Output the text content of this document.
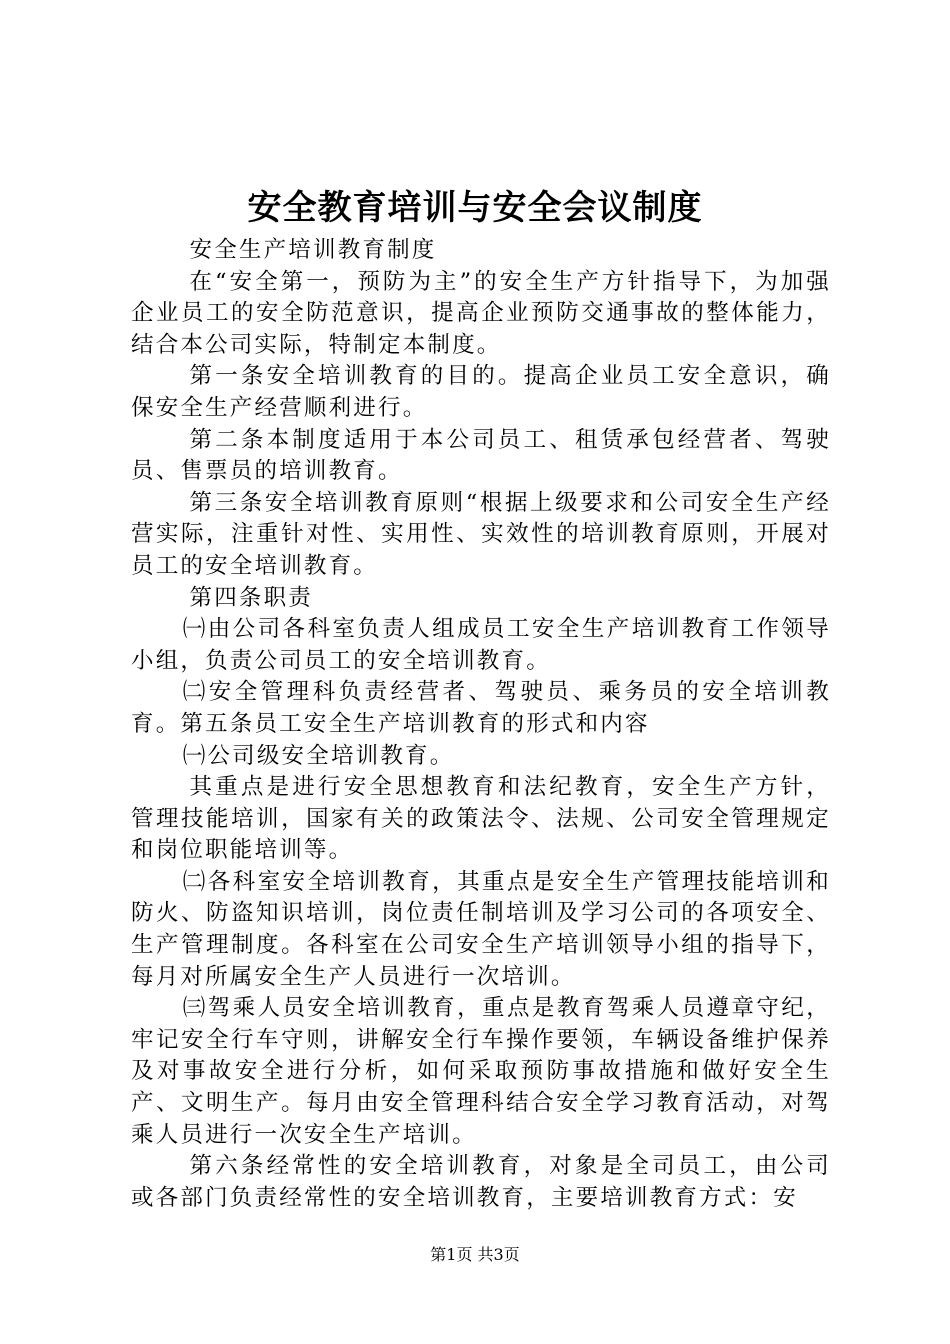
安全教育培训与安全会议制度

安全生产培训教育制度

在“安全第一，预防为主”的安全生产方针指导下，为加强企业员工的安全防范意识，提高企业预防交通事故的整体能力，结合本公司实际，特制定本制度。

第一条安全培训教育的目的。提高企业员工安全意识，确保安全生产经营顺利进行。

第二条本制度适用于本公司员工、租赁承包经营者、驾驶员、售票员的培训教育。

第三条安全培训教育原则“根据上级要求和公司安全生产经营实际，注重针对性、实用性、实效性的培训教育原则，开展对员工的安全培训教育。

第四条职责

㈠由公司各科室负责人组成员工安全生产培训教育工作领导小组，负责公司员工的安全培训教育。

㈡安全管理科负责经营者、驾驶员、乘务员的安全培训教育。第五条员工安全生产培训教育的形式和内容

㈠公司级安全培训教育。

其重点是进行安全思想教育和法纪教育，安全生产方针，管理技能培训，国家有关的政策法令、法规、公司安全管理规定和岗位职能培训等。

㈡各科室安全培训教育，其重点是安全生产管理技能培训和防火、防盗知识培训，岗位责任制培训及学习公司的各项安全、生产管理制度。各科室在公司安全生产培训领导小组的指导下，每月对所属安全生产人员进行一次培训。

㈢驾乘人员安全培训教育，重点是教育驾乘人员遵章守纪，牢记安全行车守则，讲解安全行车操作要领，车辆设备维护保养及对事故安全进行分析，如何采取预防事故措施和做好安全生产、文明生产。每月由安全管理科结合安全学习教育活动，对驾乘人员进行一次安全生产培训。

第六条经常性的安全培训教育，对象是全司员工，由公司或各部门负责经常性的安全培训教育，主要培训教育方式：安

第1页 共3页
